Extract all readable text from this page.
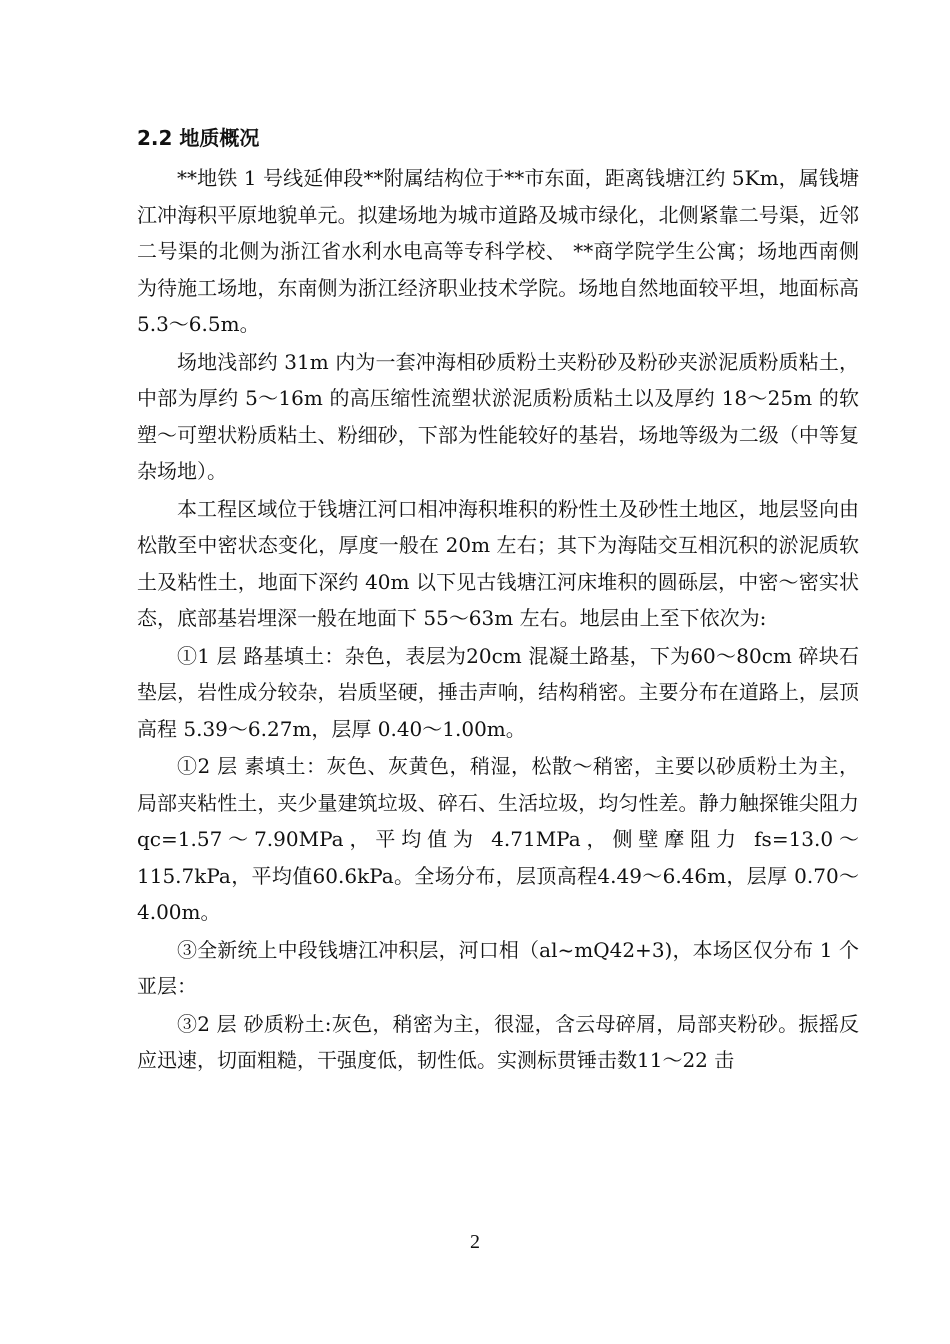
2.2 地质概况

**地铁 1 号线延伸段**附属结构位于**市东面，距离钱塘江约 5Km，属钱塘江冲海积平原地貌单元。拟建场地为城市道路及城市绿化，北侧紧靠二号渠，近邻二号渠的北侧为浙江省水利水电高等专科学校、 **商学院学生公寓；场地西南侧为待施工场地，东南侧为浙江经济职业技术学院。场地自然地面较平坦，地面标高 5.3～6.5m。

场地浅部约 31m 内为一套冲海相砂质粉土夹粉砂及粉砂夹淤泥质粉质粘土，中部为厚约 5～16m 的高压缩性流塑状淤泥质粉质粘土以及厚约 18～25m 的软塑～可塑状粉质粘土、粉细砂，下部为性能较好的基岩，场地等级为二级（中等复杂场地）。

本工程区域位于钱塘江河口相冲海积堆积的粉性土及砂性土地区，地层竖向由松散至中密状态变化，厚度一般在 20m 左右；其下为海陆交互相沉积的淤泥质软土及粘性土，地面下深约 40m 以下见古钱塘江河床堆积的圆砾层，中密～密实状态，底部基岩埋深一般在地面下 55～63m 左右。地层由上至下依次为:

①1 层 路基填土：杂色，表层为20cm 混凝土路基，下为60～80cm 碎块石垫层，岩性成分较杂，岩质坚硬，捶击声响，结构稍密。主要分布在道路上，层顶高程 5.39～6.27m，层厚 0.40～1.00m。

①2 层 素填土：灰色、灰黄色，稍湿，松散～稍密，主要以砂质粉土为主，局部夹粘性土，夹少量建筑垃圾、碎石、生活垃圾，均匀性差。静力触探锥尖阻力 qc=1.57～7.90MPa，平均值为 4.71MPa，侧壁摩阻力 fs=13.0～115.7kPa，平均值60.6kPa。全场分布，层顶高程4.49～6.46m，层厚 0.70～4.00m。

③全新统上中段钱塘江冲积层，河口相（al~mQ42+3)，本场区仅分布 1 个亚层：

③2 层 砂质粉土:灰色，稍密为主，很湿，含云母碎屑，局部夹粉砂。振摇反应迅速，切面粗糙，干强度低，韧性低。实测标贯锤击数11～22 击

2
